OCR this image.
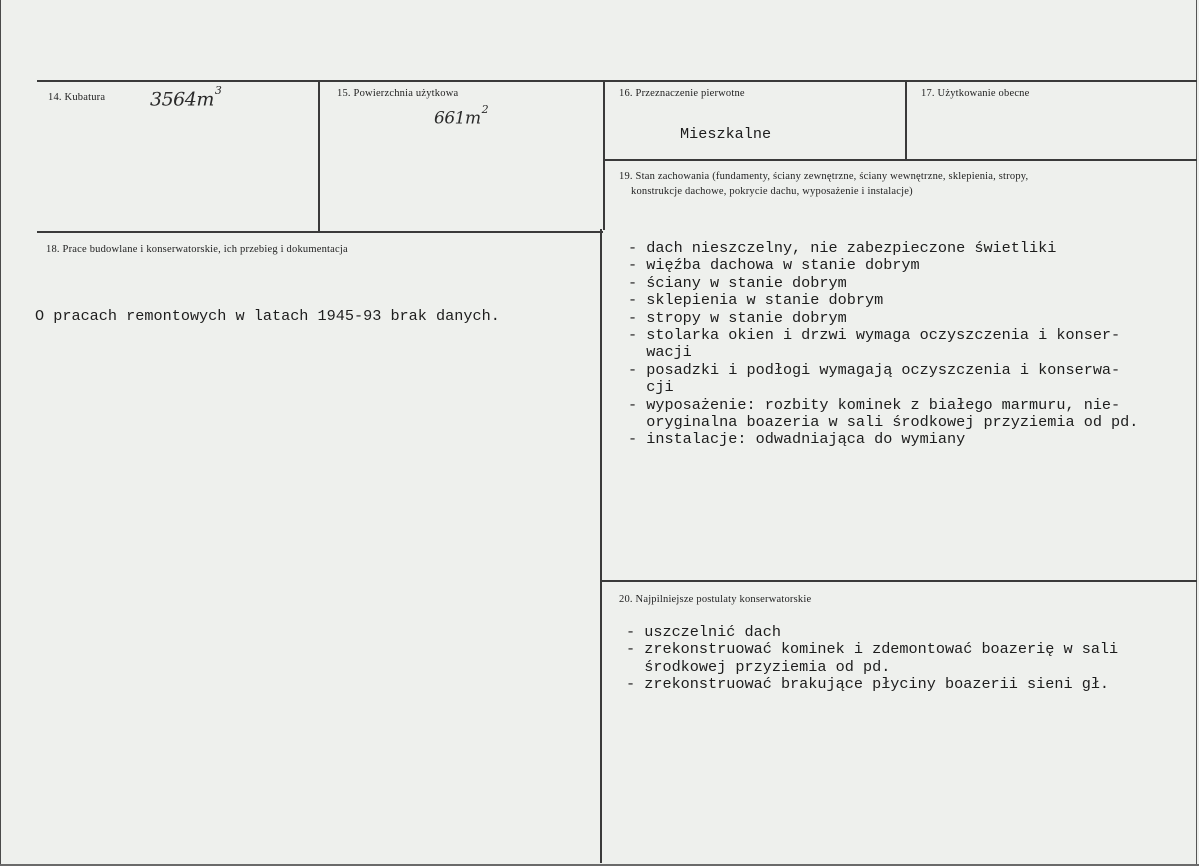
14. Kubatura $3564m^3$	15. Powierzchnia użytkowa
$661m^2$
16. Przeznaczenie pierwotne
Mieszkalne
17. Użytkowanie obecne
18. Prace budowlane i konserwatorskie, ich przebieg i dokumentacja
O pracach remontowych w latach 1945-93 brak danych.
19. Stan zachowania (fundamenty, ściany zewnętrzne, ściany wewnętrzne, sklepienia, stropy,
konstrukcje dachowe, pokrycie dachu, wyposażenie i instalacje)
- dach nieszczelny, nie zabezpieczone świetliki
- więźba dachowa w stanie dobrym
- ściany w stanie dobrym
- sklepienia w stanie dobrym
- stropy w stanie dobrym
- stolarka okien i drzwi wymaga oczyszczenia i konser-
wacji
- posadzki i podłogi wymagają oczyszczenia i konserwa-
cji
- wyposażenie: rozbity kominek z białego marmuru, nie-
oryginalna boazeria w sali środkowej przyziemia od pd.
- instalacje: odwadniająca do wymiany
20. Najpilniejsze postulaty konserwatorskie
- uszczelnić dach
- zrekonstruować kominek i zdemontować boazerię w sali
środkowej przyziemia od pd.
- zrekonstruować brakujące płyciny boazerii sieni gł.
